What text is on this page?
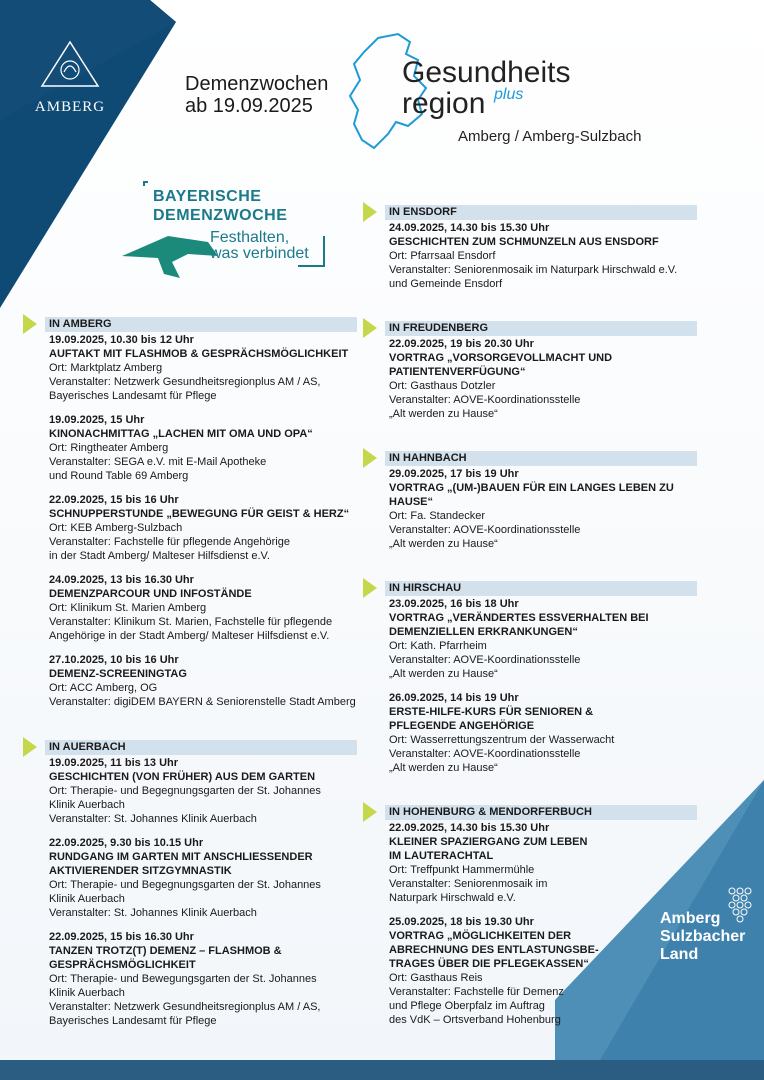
AMBERG
Demenzwochen
ab 19.09.2025
Gesundheits
region plus
Amberg / Amberg-Sulzbach
BAYERISCHE
DEMENZWOCHE
Festhalten,
was verbindet
IN AMBERG
19.09.2025, 10.30 bis 12 Uhr
AUFTAKT MIT FLASHMOB & GESPRÄCHSMÖGLICHKEIT
Ort: Marktplatz Amberg
Veranstalter: Netzwerk Gesundheitsregionplus AM / AS,
Bayerisches Landesamt für Pflege
19.09.2025, 15 Uhr
KINONACHMITTAG „LACHEN MIT OMA UND OPA“
Ort: Ringtheater Amberg
Veranstalter: SEGA e.V. mit E-Mail Apotheke
und Round Table 69 Amberg
22.09.2025, 15 bis 16 Uhr
SCHNUPPERSTUNDE „BEWEGUNG FÜR GEIST & HERZ“
Ort: KEB Amberg-Sulzbach
Veranstalter: Fachstelle für pflegende Angehörige
in der Stadt Amberg/ Malteser Hilfsdienst e.V.
24.09.2025, 13 bis 16.30 Uhr
DEMENZPARCOUR UND INFOSTÄNDE
Ort: Klinikum St. Marien Amberg
Veranstalter: Klinikum St. Marien, Fachstelle für pflegende
Angehörige in der Stadt Amberg/ Malteser Hilfsdienst e.V.
27.10.2025, 10 bis 16 Uhr
DEMENZ-SCREENINGTAG
Ort: ACC Amberg, OG
Veranstalter: digiDEM BAYERN & Seniorenstelle Stadt Amberg
IN AUERBACH
19.09.2025, 11 bis 13 Uhr
GESCHICHTEN (VON FRÜHER) AUS DEM GARTEN
Ort: Therapie- und Begegnungsgarten der St. Johannes
Klinik Auerbach
Veranstalter: St. Johannes Klinik Auerbach
22.09.2025, 9.30 bis 10.15 Uhr
RUNDGANG IM GARTEN MIT ANSCHLIESSENDER
AKTIVIERENDER SITZGYMNASTIK
Ort: Therapie- und Begegnungsgarten der St. Johannes
Klinik Auerbach
Veranstalter: St. Johannes Klinik Auerbach
22.09.2025, 15 bis 16.30 Uhr
TANZEN TROTZ(T) DEMENZ – FLASHMOB &
GESPRÄCHSMÖGLICHKEIT
Ort: Therapie- und Bewegungsgarten der St. Johannes
Klinik Auerbach
Veranstalter: Netzwerk Gesundheitsregionplus AM / AS,
Bayerisches Landesamt für Pflege
IN ENSDORF
24.09.2025, 14.30 bis 15.30 Uhr
GESCHICHTEN ZUM SCHMUNZELN AUS ENSDORF
Ort: Pfarrsaal Ensdorf
Veranstalter: Seniorenmosaik im Naturpark Hirschwald e.V.
und Gemeinde Ensdorf
IN FREUDENBERG
22.09.2025, 19 bis 20.30 Uhr
VORTRAG „VORSORGEVOLLMACHT UND
PATIENTENVERFÜGUNG“
Ort: Gasthaus Dotzler
Veranstalter: AOVE-Koordinationsstelle
„Alt werden zu Hause“
IN HAHNBACH
29.09.2025, 17 bis 19 Uhr
VORTRAG „(UM-)BAUEN FÜR EIN LANGES LEBEN ZU HAUSE“
Ort: Fa. Standecker
Veranstalter: AOVE-Koordinationsstelle
„Alt werden zu Hause“
IN HIRSCHAU
23.09.2025, 16 bis 18 Uhr
VORTRAG „VERÄNDERTES ESSVERHALTEN BEI
DEMENZIELLEN ERKRANKUNGEN“
Ort: Kath. Pfarrheim
Veranstalter: AOVE-Koordinationsstelle
„Alt werden zu Hause“
26.09.2025, 14 bis 19 Uhr
ERSTE-HILFE-KURS FÜR SENIOREN &
PFLEGENDE ANGEHÖRIGE
Ort: Wasserrettungszentrum der Wasserwacht
Veranstalter: AOVE-Koordinationsstelle
„Alt werden zu Hause“
IN HOHENBURG & MENDORFERBUCH
22.09.2025, 14.30 bis 15.30 Uhr
KLEINER SPAZIERGANG ZUM LEBEN
IM LAUTERACHTAL
Ort: Treffpunkt Hammermühle
Veranstalter: Seniorenmosaik im
Naturpark Hirschwald e.V.
25.09.2025, 18 bis 19.30 Uhr
VORTRAG „MÖGLICHKEITEN DER
ABRECHNUNG DES ENTLASTUNGSBE-
TRAGES ÜBER DIE PFLEGEKASSEN“
Ort: Gasthaus Reis
Veranstalter: Fachstelle für Demenz
und Pflege Oberpfalz im Auftrag
des VdK – Ortsverband Hohenburg
Amberg
Sulzbacher
Land
